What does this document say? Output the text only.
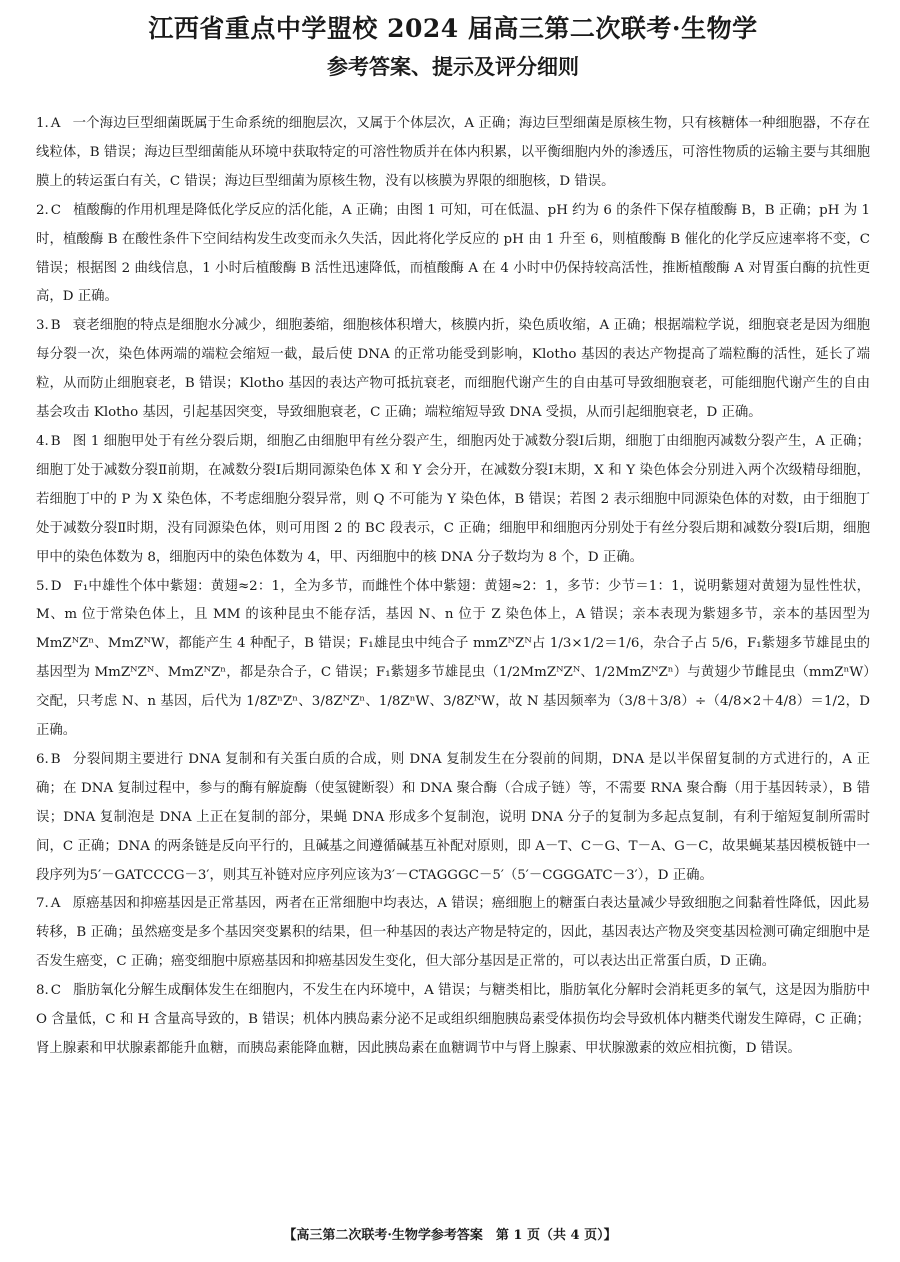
江西省重点中学盟校 2024 届高三第二次联考·生物学
参考答案、提示及评分细则

1. A 一个海边巨型细菌既属于生命系统的细胞层次，又属于个体层次，A 正确；海边巨型细菌是原核生物，只有核糖体一种细胞器，不存在线粒体，B 错误；海边巨型细菌能从环境中获取特定的可溶性物质并在体内积累，以平衡细胞内外的渗透压，可溶性物质的运输主要与其细胞膜上的转运蛋白有关，C 错误；海边巨型细菌为原核生物，没有以核膜为界限的细胞核，D 错误。

2. C 植酸酶的作用机理是降低化学反应的活化能，A 正确；由图 1 可知，可在低温、pH 约为 6 的条件下保存植酸酶 B，B 正确；pH 为 1 时，植酸酶 B 在酸性条件下空间结构发生改变而永久失活，因此将化学反应的 pH 由 1 升至 6，则植酸酶 B 催化的化学反应速率将不变，C 错误；根据图 2 曲线信息，1 小时后植酸酶 B 活性迅速降低，而植酸酶 A 在 4 小时中仍保持较高活性，推断植酸酶 A 对胃蛋白酶的抗性更高，D 正确。

3. B 衰老细胞的特点是细胞水分减少，细胞萎缩，细胞核体积增大，核膜内折，染色质收缩，A 正确；根据端粒学说，细胞衰老是因为细胞每分裂一次，染色体两端的端粒会缩短一截，最后使 DNA 的正常功能受到影响，Klotho 基因的表达产物提高了端粒酶的活性，延长了端粒，从而防止细胞衰老，B 错误；Klotho 基因的表达产物可抵抗衰老，而细胞代谢产生的自由基可导致细胞衰老，可能细胞代谢产生的自由基会攻击 Klotho 基因，引起基因突变，导致细胞衰老，C 正确；端粒缩短导致 DNA 受损，从而引起细胞衰老，D 正确。

4. B 图 1 细胞甲处于有丝分裂后期，细胞乙由细胞甲有丝分裂产生，细胞丙处于减数分裂Ⅰ后期，细胞丁由细胞丙减数分裂产生，A 正确；细胞丁处于减数分裂Ⅱ前期，在减数分裂Ⅰ后期同源染色体 X 和 Y 会分开，在减数分裂Ⅰ末期，X 和 Y 染色体会分别进入两个次级精母细胞，若细胞丁中的 P 为 X 染色体，不考虑细胞分裂异常，则 Q 不可能为 Y 染色体，B 错误；若图 2 表示细胞中同源染色体的对数，由于细胞丁处于减数分裂Ⅱ时期，没有同源染色体，则可用图 2 的 BC 段表示，C 正确；细胞甲和细胞丙分别处于有丝分裂后期和减数分裂Ⅰ后期，细胞甲中的染色体数为 8，细胞丙中的染色体数为 4，甲、丙细胞中的核 DNA 分子数均为 8 个，D 正确。

5. D F₁中雄性个体中紫翅：黄翅≈2：1，全为多节，而雌性个体中紫翅：黄翅≈2：1，多节：少节＝1：1，说明紫翅对黄翅为显性性状，M、m 位于常染色体上，且 MM 的该种昆虫不能存活，基因 N、n 位于 Z 染色体上，A 错误；亲本表现为紫翅多节，亲本的基因型为 MmZᴺZⁿ、MmZᴺW，都能产生 4 种配子，B 错误；F₁雄昆虫中纯合子 mmZᴺZᴺ占 1/3×1/2＝1/6，杂合子占 5/6，F₁紫翅多节雄昆虫的基因型为 MmZᴺZᴺ、MmZᴺZⁿ，都是杂合子，C 错误；F₁紫翅多节雄昆虫（1/2MmZᴺZᴺ、1/2MmZᴺZⁿ）与黄翅少节雌昆虫（mmZⁿW）交配，只考虑 N、n 基因，后代为 1/8ZⁿZⁿ、3/8ZᴺZⁿ、1/8ZⁿW、3/8ZᴺW，故 N 基因频率为（3/8＋3/8）÷（4/8×2＋4/8）＝1/2，D 正确。

6. B 分裂间期主要进行 DNA 复制和有关蛋白质的合成，则 DNA 复制发生在分裂前的间期，DNA 是以半保留复制的方式进行的，A 正确；在 DNA 复制过程中，参与的酶有解旋酶（使氢键断裂）和 DNA 聚合酶（合成子链）等，不需要 RNA 聚合酶（用于基因转录），B 错误；DNA 复制泡是 DNA 上正在复制的部分，果蝇 DNA 形成多个复制泡，说明 DNA 分子的复制为多起点复制，有利于缩短复制所需时间，C 正确；DNA 的两条链是反向平行的，且碱基之间遵循碱基互补配对原则，即 A－T、C－G、T－A、G－C，故果蝇某基因模板链中一段序列为5′－GATCCCG－3′，则其互补链对应序列应该为3′－CTAGGGC－5′（5′－CGGGATC－3′），D 正确。

7. A 原癌基因和抑癌基因是正常基因，两者在正常细胞中均表达，A 错误；癌细胞上的糖蛋白表达量减少导致细胞之间黏着性降低，因此易转移，B 正确；虽然癌变是多个基因突变累积的结果，但一种基因的表达产物是特定的，因此，基因表达产物及突变基因检测可确定细胞中是否发生癌变，C 正确；癌变细胞中原癌基因和抑癌基因发生变化，但大部分基因是正常的，可以表达出正常蛋白质，D 正确。

8. C 脂肪氧化分解生成酮体发生在细胞内，不发生在内环境中，A 错误；与糖类相比，脂肪氧化分解时会消耗更多的氧气，这是因为脂肪中 O 含量低，C 和 H 含量高导致的，B 错误；机体内胰岛素分泌不足或组织细胞胰岛素受体损伤均会导致机体内糖类代谢发生障碍，C 正确；肾上腺素和甲状腺素都能升血糖，而胰岛素能降血糖，因此胰岛素在血糖调节中与肾上腺素、甲状腺激素的效应相抗衡，D 错误。

【高三第二次联考·生物学参考答案　第 1 页（共 4 页）】
